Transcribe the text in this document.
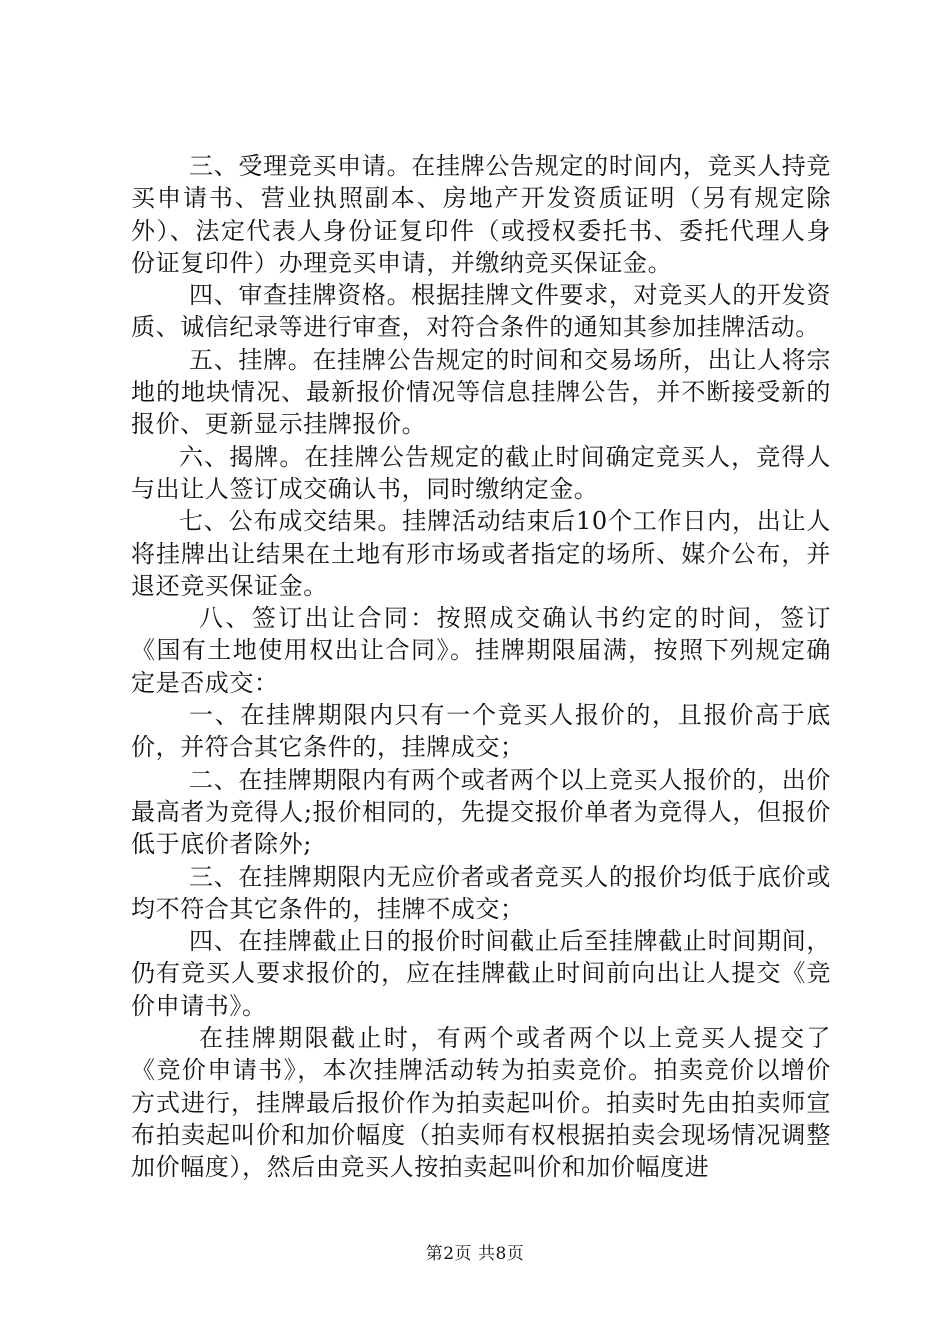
三、受理竞买申请。在挂牌公告规定的时间内，竞买人持竞买申请书、营业执照副本、房地产开发资质证明（另有规定除外）、法定代表人身份证复印件（或授权委托书、委托代理人身份证复印件）办理竞买申请，并缴纳竞买保证金。

四、审查挂牌资格。根据挂牌文件要求，对竞买人的开发资质、诚信纪录等进行审查，对符合条件的通知其参加挂牌活动。

五、挂牌。在挂牌公告规定的时间和交易场所，出让人将宗地的地块情况、最新报价情况等信息挂牌公告，并不断接受新的报价、更新显示挂牌报价。

六、揭牌。在挂牌公告规定的截止时间确定竞买人，竞得人与出让人签订成交确认书，同时缴纳定金。

七、公布成交结果。挂牌活动结束后10个工作日内，出让人将挂牌出让结果在土地有形市场或者指定的场所、媒介公布，并退还竞买保证金。

八、签订出让合同：按照成交确认书约定的时间，签订《国有土地使用权出让合同》。挂牌期限届满，按照下列规定确定是否成交：

一、在挂牌期限内只有一个竞买人报价的，且报价高于底价，并符合其它条件的，挂牌成交；

二、在挂牌期限内有两个或者两个以上竞买人报价的，出价最高者为竞得人;报价相同的，先提交报价单者为竞得人，但报价低于底价者除外;

三、在挂牌期限内无应价者或者竞买人的报价均低于底价或均不符合其它条件的，挂牌不成交；

四、在挂牌截止日的报价时间截止后至挂牌截止时间期间，仍有竞买人要求报价的，应在挂牌截止时间前向出让人提交《竞价申请书》。

在挂牌期限截止时，有两个或者两个以上竞买人提交了《竞价申请书》，本次挂牌活动转为拍卖竞价。拍卖竞价以增价方式进行，挂牌最后报价作为拍卖起叫价。拍卖时先由拍卖师宣布拍卖起叫价和加价幅度（拍卖师有权根据拍卖会现场情况调整加价幅度），然后由竞买人按拍卖起叫价和加价幅度进

第2页 共8页
